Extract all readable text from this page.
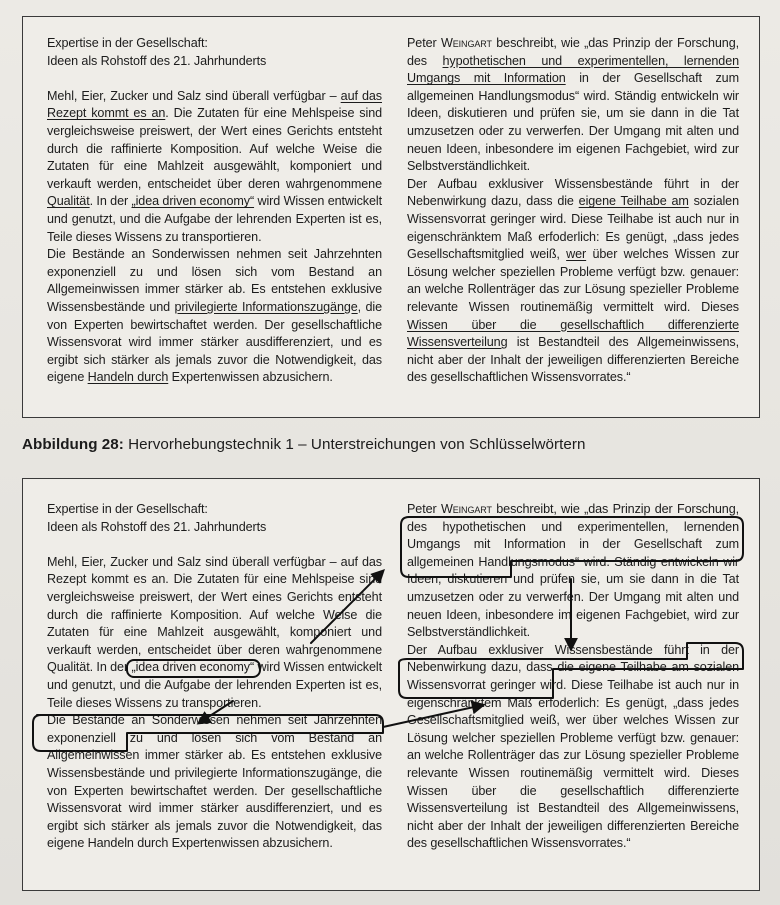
Expertise in der Gesellschaft:
Ideen als Rohstoff des 21. Jahrhunderts

Mehl, Eier, Zucker und Salz sind überall verfügbar – auf das Rezept kommt es an. Die Zutaten für eine Mehlspeise sind vergleichsweise preiswert, der Wert eines Gerichts entsteht durch die raffinierte Komposition. Auf welche Weise die Zutaten für eine Mahlzeit ausgewählt, komponiert und verkauft werden, entscheidet über deren wahrgenommene Qualität. In der „idea driven economy“ wird Wissen entwickelt und genutzt, und die Aufgabe der lehrenden Experten ist es, Teile dieses Wissens zu transportieren.

Die Bestände an Sonderwissen nehmen seit Jahrzehnten exponenziell zu und lösen sich vom Bestand an Allgemeinwissen immer stärker ab. Es entstehen exklusive Wissensbestände und privilegierte Informationszugänge, die von Experten bewirtschaftet werden. Der gesellschaftliche Wissensvorat wird immer stärker ausdifferenziert, und es ergibt sich stärker als jemals zuvor die Notwendigkeit, das eigene Handeln durch Expertenwissen abzusichern.

Peter Weingart beschreibt, wie „das Prinzip der Forschung, des hypothetischen und experimentellen, lernenden Umgangs mit Information in der Gesellschaft zum allgemeinen Handlungsmodus“ wird. Ständig entwickeln wir Ideen, diskutieren und prüfen sie, um sie dann in die Tat umzusetzen oder zu verwerfen. Der Umgang mit alten und neuen Ideen, inbesondere im eigenen Fachgebiet, wird zur Selbstverständlichkeit.

Der Aufbau exklusiver Wissensbestände führt in der Nebenwirkung dazu, dass die eigene Teilhabe am sozialen Wissensvorrat geringer wird. Diese Teilhabe ist auch nur in eigenschränktem Maß erfoderlich: Es genügt, „dass jedes Gesellschaftsmitglied weiß, wer über welches Wissen zur Lösung welcher speziellen Probleme verfügt bzw. genauer: an welche Rollenträger das zur Lösung spezieller Probleme relevante Wissen routinemäßig vermittelt wird. Dieses Wissen über die gesellschaftlich differenzierte Wissensverteilung ist Bestandteil des Allgemeinwissens, nicht aber der Inhalt der jeweiligen differenzierten Bereiche des gesellschaftlichen Wissensvorrates.“

Abbildung 28: Hervorhebungstechnik 1 – Unterstreichungen von Schlüsselwörtern

Expertise in der Gesellschaft:
Ideen als Rohstoff des 21. Jahrhunderts

Mehl, Eier, Zucker und Salz sind überall verfügbar – auf das Rezept kommt es an. Die Zutaten für eine Mehlspeise sind vergleichsweise preiswert, der Wert eines Gerichts entsteht durch die raffinierte Komposition. Auf welche Weise die Zutaten für eine Mahlzeit ausgewählt, komponiert und verkauft werden, entscheidet über deren wahrgenommene Qualität. In der „idea driven economy“ wird Wissen entwickelt und genutzt, und die Aufgabe der lehrenden Experten ist es, Teile dieses Wissens zu transportieren.

Die Bestände an Sonderwissen nehmen seit Jahrzehnten exponenziell zu und lösen sich vom Bestand an Allgemeinwissen immer stärker ab. Es entstehen exklusive Wissensbestände und privilegierte Informationszugänge, die von Experten bewirtschaftet werden. Der gesellschaftliche Wissensvorat wird immer stärker ausdifferenziert, und es ergibt sich stärker als jemals zuvor die Notwendigkeit, das eigene Handeln durch Expertenwissen abzusichern.

Peter Weingart beschreibt, wie „das Prinzip der Forschung, des hypothetischen und experimentellen, lernenden Umgangs mit Information in der Gesellschaft zum allgemeinen Handlungsmodus“ wird. Ständig entwickeln wir Ideen, diskutieren und prüfen sie, um sie dann in die Tat umzusetzen oder zu verwerfen. Der Umgang mit alten und neuen Ideen, inbesondere im eigenen Fachgebiet, wird zur Selbstverständlichkeit.

Der Aufbau exklusiver Wissensbestände führt in der Nebenwirkung dazu, dass die eigene Teilhabe am sozialen Wissensvorrat geringer wird. Diese Teilhabe ist auch nur in eigenschränktem Maß erfoderlich: Es genügt, „dass jedes Gesellschaftsmitglied weiß, wer über welches Wissen zur Lösung welcher speziellen Probleme verfügt bzw. genauer: an welche Rollenträger das zur Lösung spezieller Probleme relevante Wissen routinemäßig vermittelt wird. Dieses Wissen über die gesellschaftlich differenzierte Wissensverteilung ist Bestandteil des Allgemeinwissens, nicht aber der Inhalt der jeweiligen differenzierten Bereiche des gesellschaftlichen Wissensvorrates.“
